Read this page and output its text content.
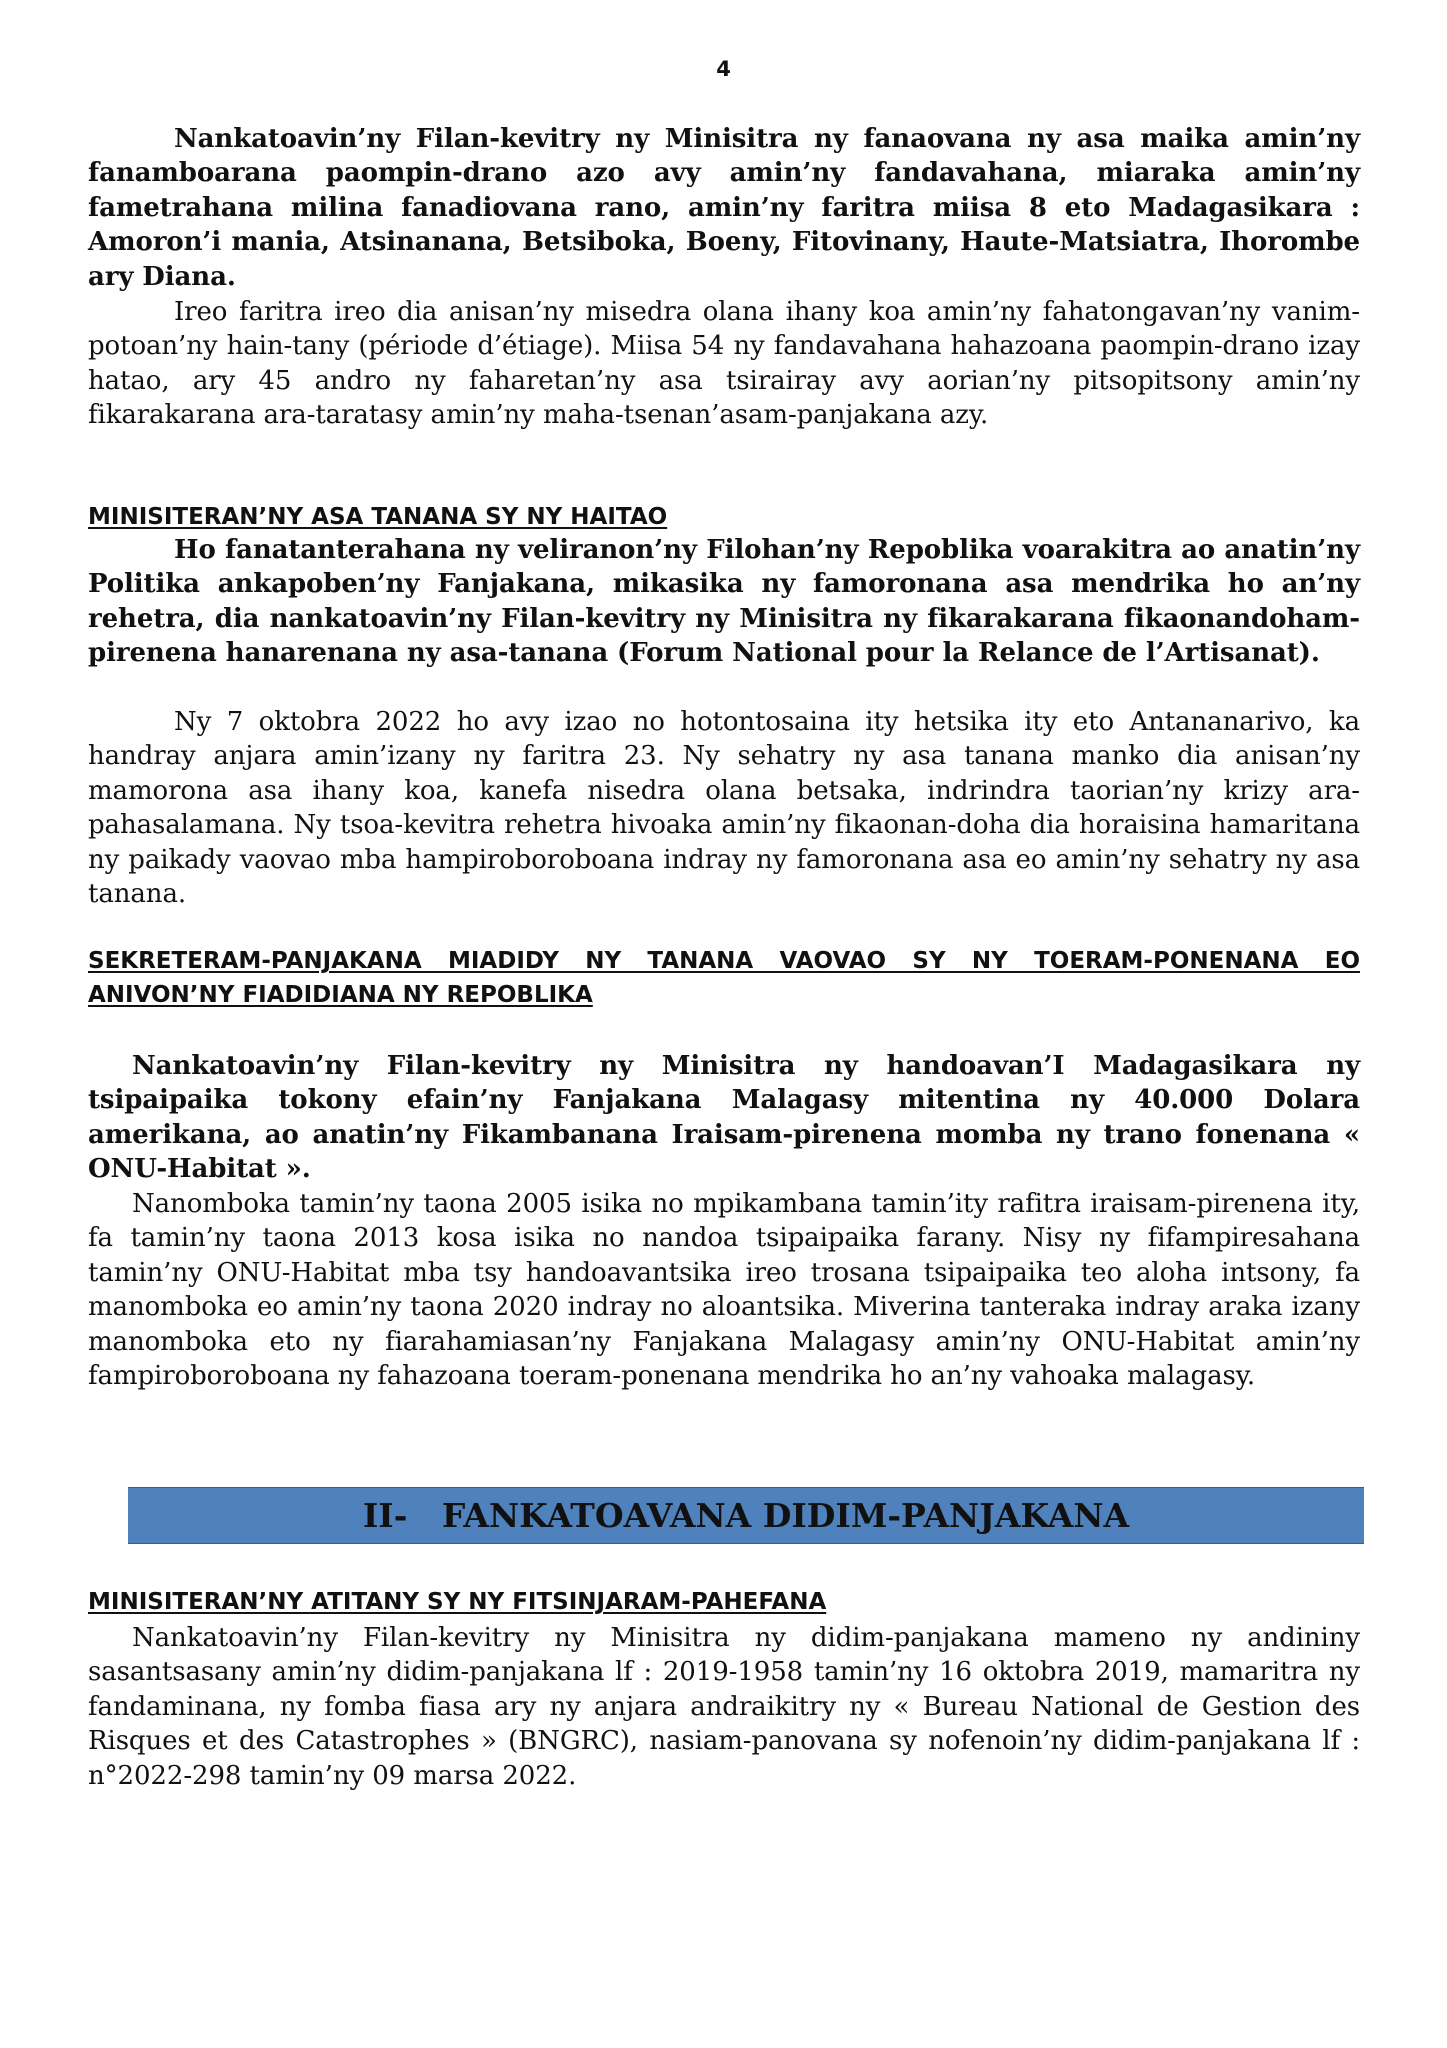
4

Nankatoavin’ny Filan-kevitry ny Minisitra ny fanaovana ny asa maika amin’ny fanamboarana paompin-drano azo avy amin’ny fandavahana, miaraka amin’ny fametrahana milina fanadiovana rano, amin’ny faritra miisa 8 eto Madagasikara : Amoron’i mania, Atsinanana, Betsiboka, Boeny, Fitovinany, Haute-Matsiatra, Ihorombe ary Diana.

Ireo faritra ireo dia anisan’ny misedra olana ihany koa amin’ny fahatongavan’ny vanim-potoan’ny hain-tany (période d’étiage). Miisa 54 ny fandavahana hahazoana paompin-drano izay hatao, ary 45 andro ny faharetan’ny asa tsirairay avy aorian’ny pitsopitsony amin’ny fikarakarana ara-taratasy amin’ny maha-tsenan’asam-panjakana azy.

MINISITERAN’NY ASA TANANA SY NY HAITAO

Ho fanatanterahana ny veliranon’ny Filohan’ny Repoblika voarakitra ao anatin’ny Politika ankapoben’ny Fanjakana, mikasika ny famoronana asa mendrika ho an’ny rehetra, dia nankatoavin’ny Filan-kevitry ny Minisitra ny fikarakarana fikaonandoham-pirenena hanarenana ny asa-tanana (Forum National pour la Relance de l’Artisanat).

Ny 7 oktobra 2022 ho avy izao no hotontosaina ity hetsika ity eto Antananarivo, ka handray anjara amin’izany ny faritra 23. Ny sehatry ny asa tanana manko dia anisan’ny mamorona asa ihany koa, kanefa nisedra olana betsaka, indrindra taorian’ny krizy ara-pahasalamana. Ny tsoa-kevitra rehetra hivoaka amin’ny fikaonan-doha dia horaisina hamaritana ny paikady vaovao mba hampiroboroboana indray ny famoronana asa eo amin’ny sehatry ny asa tanana.

SEKRETERAM-PANJAKANA MIADIDY NY TANANA VAOVAO SY NY TOERAM-PONENANA EO ANIVON’NY FIADIDIANA NY REPOBLIKA

Nankatoavin’ny Filan-kevitry ny Minisitra ny handoavan’I Madagasikara ny tsipaipaika tokony efain’ny Fanjakana Malagasy mitentina ny 40.000 Dolara amerikana, ao anatin’ny Fikambanana Iraisam-pirenena momba ny trano fonenana « ONU-Habitat ».

Nanomboka tamin’ny taona 2005 isika no mpikambana tamin’ity rafitra iraisam-pirenena ity, fa tamin’ny taona 2013 kosa isika no nandoa tsipaipaika farany. Nisy ny fifampiresahana tamin’ny ONU-Habitat mba tsy handoavantsika ireo trosana tsipaipaika teo aloha intsony, fa manomboka eo amin’ny taona 2020 indray no aloantsika. Miverina tanteraka indray araka izany manomboka eto ny fiarahamiasan’ny Fanjakana Malagasy amin’ny ONU-Habitat amin’ny fampiroboroboana ny fahazoana toeram-ponenana mendrika ho an’ny vahoaka malagasy.

II-
FANKATOAVANA DIDIM-PANJAKANA
MINISITERAN’NY ATITANY SY NY FITSINJARAM-PAHEFANA

Nankatoavin’ny Filan-kevitry ny Minisitra ny didim-panjakana mameno ny andininy sasantsasany amin’ny didim-panjakana lf : 2019-1958 tamin’ny 16 oktobra 2019, mamaritra ny fandaminana, ny fomba fiasa ary ny anjara andraikitry ny « Bureau National de Gestion des Risques et des Catastrophes » (BNGRC), nasiam-panovana sy nofenoin’ny didim-panjakana lf : n°2022-298 tamin’ny 09 marsa 2022.
